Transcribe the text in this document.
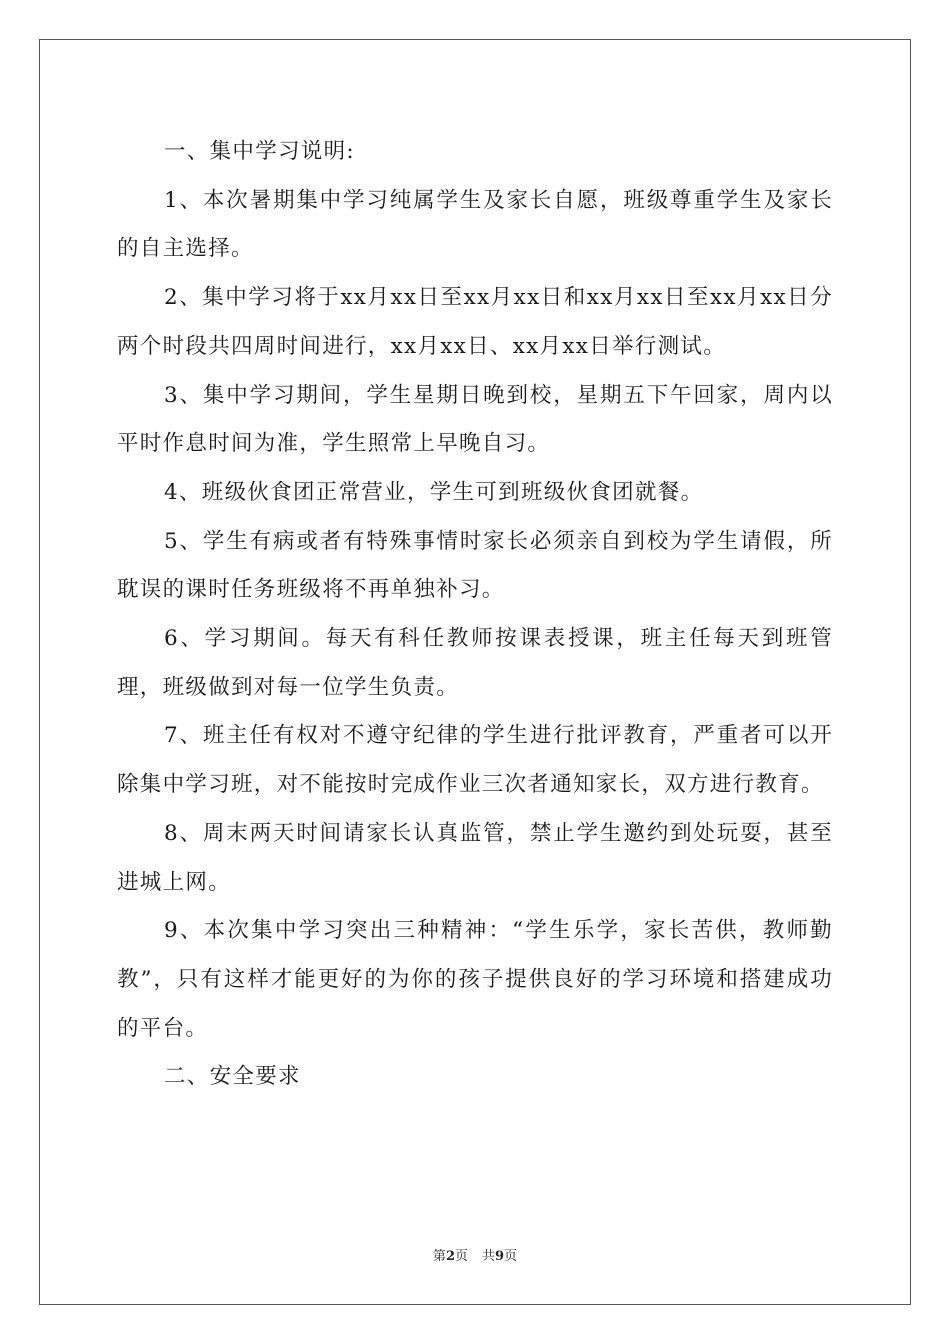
一、集中学习说明:

1、本次暑期集中学习纯属学生及家长自愿，班级尊重学生及家长的自主选择。

2、集中学习将于xx月xx日至xx月xx日和xx月xx日至xx月xx日分两个时段共四周时间进行，xx月xx日、xx月xx日举行测试。

3、集中学习期间，学生星期日晚到校，星期五下午回家，周内以平时作息时间为准，学生照常上早晚自习。

4、班级伙食团正常营业，学生可到班级伙食团就餐。

5、学生有病或者有特殊事情时家长必须亲自到校为学生请假，所耽误的课时任务班级将不再单独补习。

6、学习期间。每天有科任教师按课表授课，班主任每天到班管理，班级做到对每一位学生负责。

7、班主任有权对不遵守纪律的学生进行批评教育，严重者可以开除集中学习班，对不能按时完成作业三次者通知家长，双方进行教育。

8、周末两天时间请家长认真监管，禁止学生邀约到处玩耍，甚至进城上网。

9、本次集中学习突出三种精神：“学生乐学，家长苦供，教师勤教”，只有这样才能更好的为你的孩子提供良好的学习环境和搭建成功的平台。

二、安全要求

第2页 共9页
